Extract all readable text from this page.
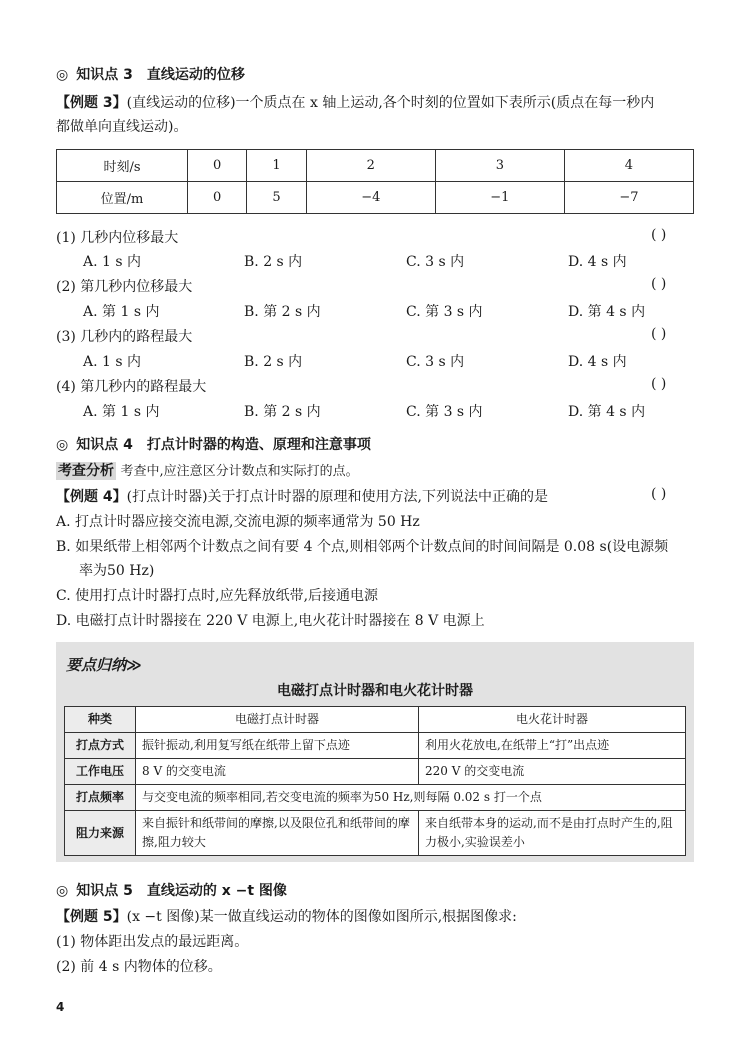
◎ 知识点 3 直线运动的位移
【例题 3】(直线运动的位移)一个质点在 x 轴上运动,各个时刻的位置如下表所示(质点在每一秒内
都做单向直线运动)。
时刻/s	0	1	2	3	4
位置/m	0	5	−4	−1	−7
(1) 几秒内位移最大	( )
A. 1 s 内	B. 2 s 内	C. 3 s 内	D. 4 s 内
(2) 第几秒内位移最大	( )
A. 第 1 s 内	B. 第 2 s 内	C. 第 3 s 内	D. 第 4 s 内
(3) 几秒内的路程最大	( )
A. 1 s 内	B. 2 s 内	C. 3 s 内	D. 4 s 内
(4) 第几秒内的路程最大	( )
A. 第 1 s 内	B. 第 2 s 内	C. 第 3 s 内	D. 第 4 s 内
◎ 知识点 4 打点计时器的构造、原理和注意事项
考查分析 考查中,应注意区分计数点和实际打的点。
【例题 4】(打点计时器)关于打点计时器的原理和使用方法,下列说法中正确的是	( )
A. 打点计时器应接交流电源,交流电源的频率通常为 50 Hz
B. 如果纸带上相邻两个计数点之间有要 4 个点,则相邻两个计数点间的时间间隔是 0.08 s(设电源频
率为50 Hz)
C. 使用打点计时器打点时,应先释放纸带,后接通电源
D. 电磁打点计时器接在 220 V 电源上,电火花计时器接在 8 V 电源上
要点归纳≫
电磁打点计时器和电火花计时器
种类	电磁打点计时器	电火花计时器
打点方式	振针振动,利用复写纸在纸带上留下点迹	利用火花放电,在纸带上“打”出点迹
工作电压	8 V 的交变电流	220 V 的交变电流
打点频率	与交变电流的频率相同,若交变电流的频率为50 Hz,则每隔 0.02 s 打一个点	
阻力来源	来自振针和纸带间的摩擦,以及限位孔和纸带间的摩擦,阻力较大	来自纸带本身的运动,而不是由打点时产生的,阻力极小,实验误差小
◎ 知识点 5 直线运动的 x −t 图像
【例题 5】(x −t 图像)某一做直线运动的物体的图像如图所示,根据图像求:
(1) 物体距出发点的最远距离。
(2) 前 4 s 内物体的位移。
4
